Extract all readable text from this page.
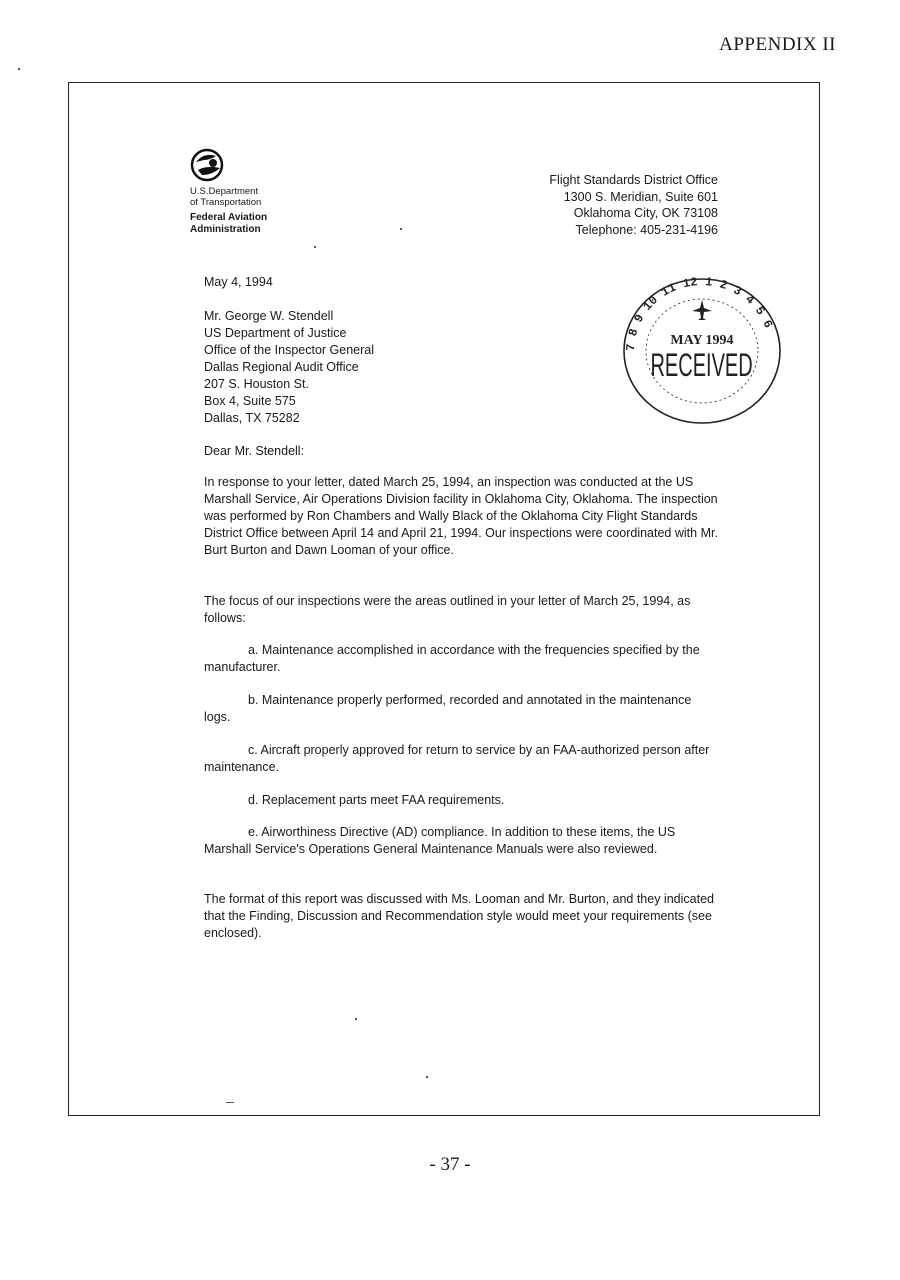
APPENDIX II
U.S.Department
of Transportation
Federal Aviation
Administration
Flight Standards District Office
1300 S. Meridian, Suite 601
Oklahoma City, OK 73108
Telephone: 405-231-4196
7 8 9 10 11 12 1 2 3 4 5 6
MAY 1994
RECEIVED
May 4, 1994
Mr. George W. Stendell
US Department of Justice
Office of the Inspector General
Dallas Regional Audit Office
207 S. Houston St.
Box 4, Suite 575
Dallas, TX 75282
Dear Mr. Stendell:

In response to your letter, dated March 25, 1994, an inspection was conducted at the US Marshall Service, Air Operations Division facility in Oklahoma City, Oklahoma. The inspection was performed by Ron Chambers and Wally Black of the Oklahoma City Flight Standards District Office between April 14 and April 21, 1994. Our inspections were coordinated with Mr. Burt Burton and Dawn Looman of your office.

The focus of our inspections were the areas outlined in your letter of March 25, 1994, as follows:

a. Maintenance accomplished in accordance with the frequencies specified by the manufacturer.

b. Maintenance properly performed, recorded and annotated in the maintenance logs.

c. Aircraft properly approved for return to service by an FAA-authorized person after maintenance.

d. Replacement parts meet FAA requirements.

e. Airworthiness Directive (AD) compliance. In addition to these items, the US Marshall Service's Operations General Maintenance Manuals were also reviewed.

The format of this report was discussed with Ms. Looman and Mr. Burton, and they indicated that the Finding, Discussion and Recommendation style would meet your requirements (see enclosed).

- 37 -
